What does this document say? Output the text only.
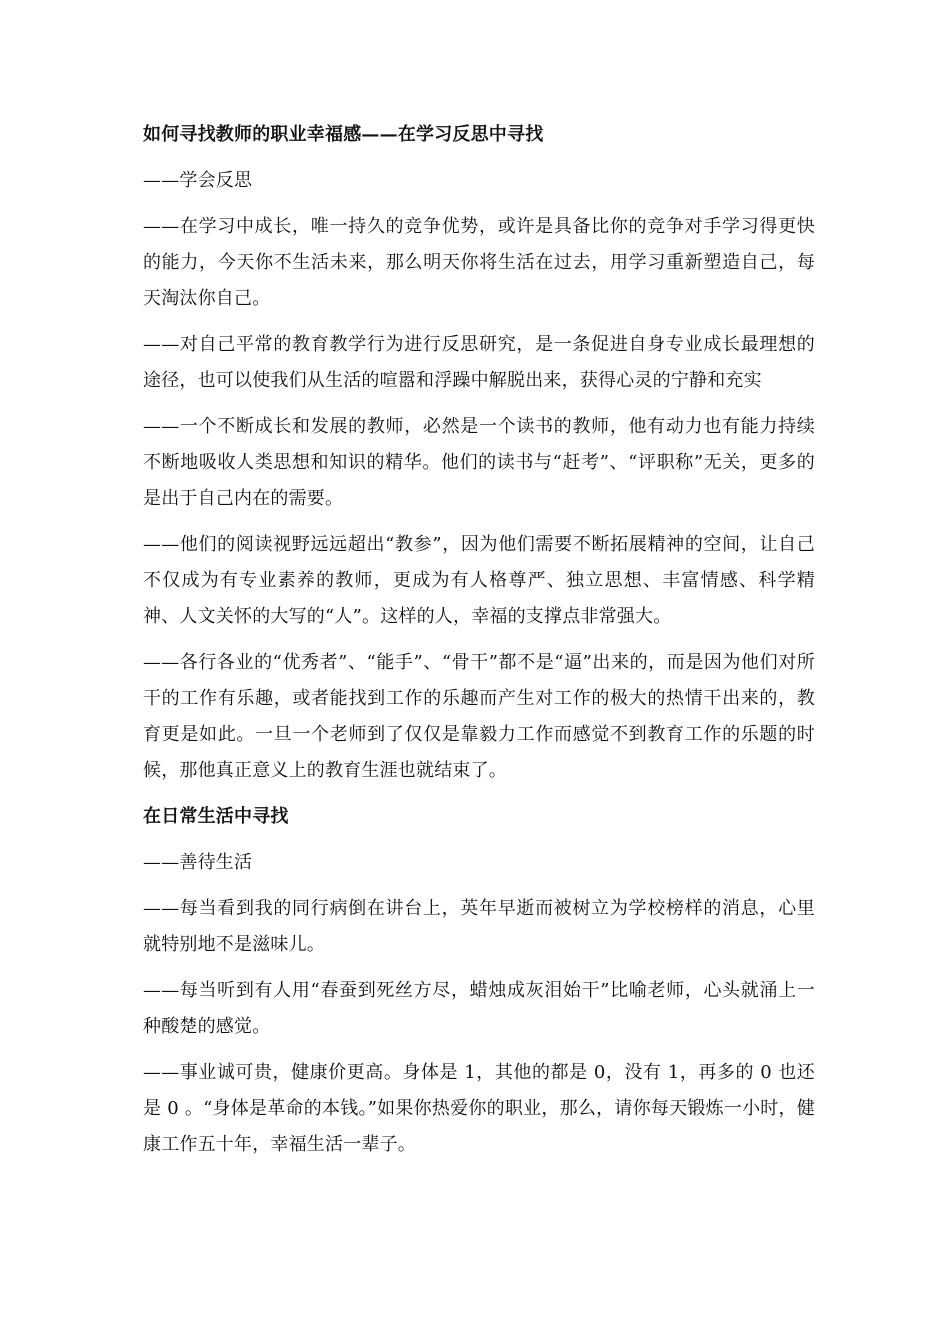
如何寻找教师的职业幸福感——在学习反思中寻找

——学会反思

——在学习中成长，唯一持久的竞争优势，或许是具备比你的竞争对手学习得更快的能力，今天你不生活未来，那么明天你将生活在过去，用学习重新塑造自己，每天淘汰你自己。

——对自己平常的教育教学行为进行反思研究，是一条促进自身专业成长最理想的途径，也可以使我们从生活的喧嚣和浮躁中解脱出来，获得心灵的宁静和充实

——一个不断成长和发展的教师，必然是一个读书的教师，他有动力也有能力持续不断地吸收人类思想和知识的精华。他们的读书与“赶考”、“评职称”无关，更多的是出于自己内在的需要。

——他们的阅读视野远远超出“教参”，因为他们需要不断拓展精神的空间，让自己不仅成为有专业素养的教师，更成为有人格尊严、独立思想、丰富情感、科学精神、人文关怀的大写的“人”。这样的人，幸福的支撑点非常强大。

——各行各业的“优秀者”、“能手”、“骨干”都不是“逼”出来的，而是因为他们对所干的工作有乐趣，或者能找到工作的乐趣而产生对工作的极大的热情干出来的，教育更是如此。一旦一个老师到了仅仅是靠毅力工作而感觉不到教育工作的乐题的时候，那他真正意义上的教育生涯也就结束了。

在日常生活中寻找

——善待生活

——每当看到我的同行病倒在讲台上，英年早逝而被树立为学校榜样的消息，心里就特别地不是滋味儿。

——每当听到有人用“春蚕到死丝方尽，蜡烛成灰泪始干”比喻老师，心头就涌上一种酸楚的感觉。

——事业诚可贵，健康价更高。身体是 1，其他的都是 0，没有 1，再多的 0 也还是 0 。“身体是革命的本钱。”如果你热爱你的职业，那么，请你每天锻炼一小时，健康工作五十年，幸福生活一辈子。
